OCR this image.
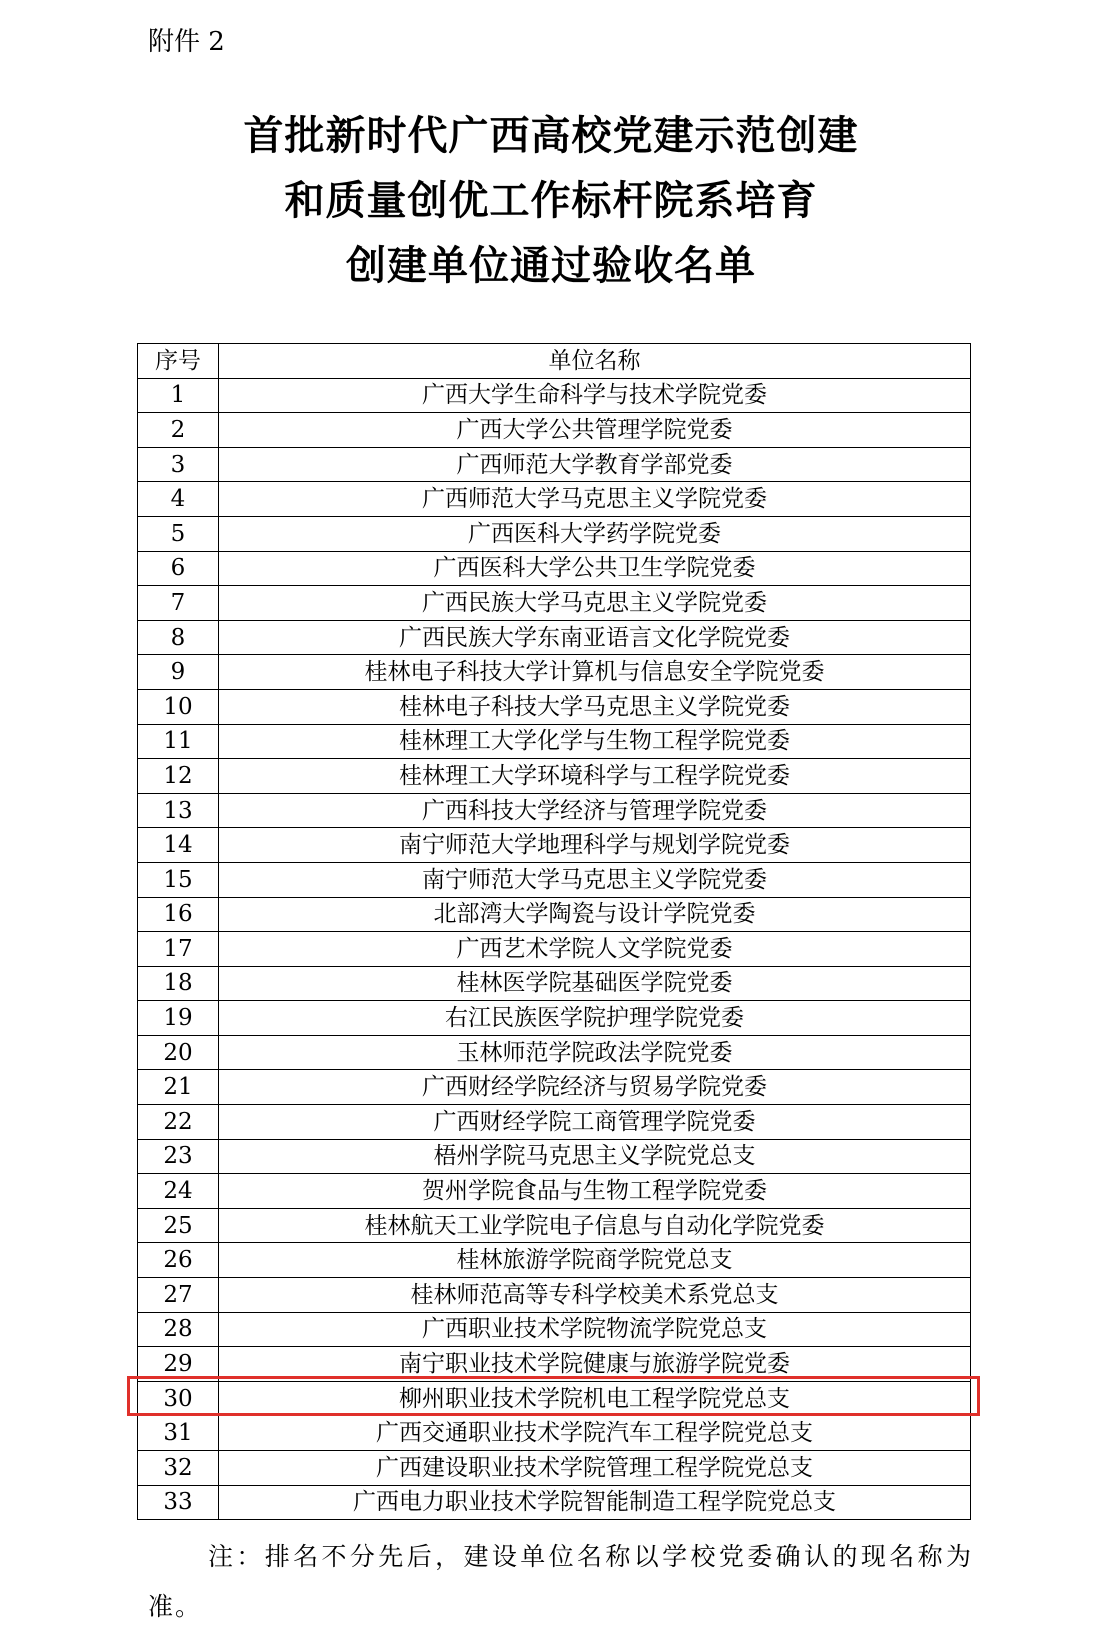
附件 2
首批新时代广西高校党建示范创建
和质量创优工作标杆院系培育
创建单位通过验收名单
序号	单位名称
1	广西大学生命科学与技术学院党委
2	广西大学公共管理学院党委
3	广西师范大学教育学部党委
4	广西师范大学马克思主义学院党委
5	广西医科大学药学院党委
6	广西医科大学公共卫生学院党委
7	广西民族大学马克思主义学院党委
8	广西民族大学东南亚语言文化学院党委
9	桂林电子科技大学计算机与信息安全学院党委
10	桂林电子科技大学马克思主义学院党委
11	桂林理工大学化学与生物工程学院党委
12	桂林理工大学环境科学与工程学院党委
13	广西科技大学经济与管理学院党委
14	南宁师范大学地理科学与规划学院党委
15	南宁师范大学马克思主义学院党委
16	北部湾大学陶瓷与设计学院党委
17	广西艺术学院人文学院党委
18	桂林医学院基础医学院党委
19	右江民族医学院护理学院党委
20	玉林师范学院政法学院党委
21	广西财经学院经济与贸易学院党委
22	广西财经学院工商管理学院党委
23	梧州学院马克思主义学院党总支
24	贺州学院食品与生物工程学院党委
25	桂林航天工业学院电子信息与自动化学院党委
26	桂林旅游学院商学院党总支
27	桂林师范高等专科学校美术系党总支
28	广西职业技术学院物流学院党总支
29	南宁职业技术学院健康与旅游学院党委
30	柳州职业技术学院机电工程学院党总支
31	广西交通职业技术学院汽车工程学院党总支
32	广西建设职业技术学院管理工程学院党总支
33	广西电力职业技术学院智能制造工程学院党总支
注：排名不分先后，建设单位名称以学校党委确认的现名称为准。
